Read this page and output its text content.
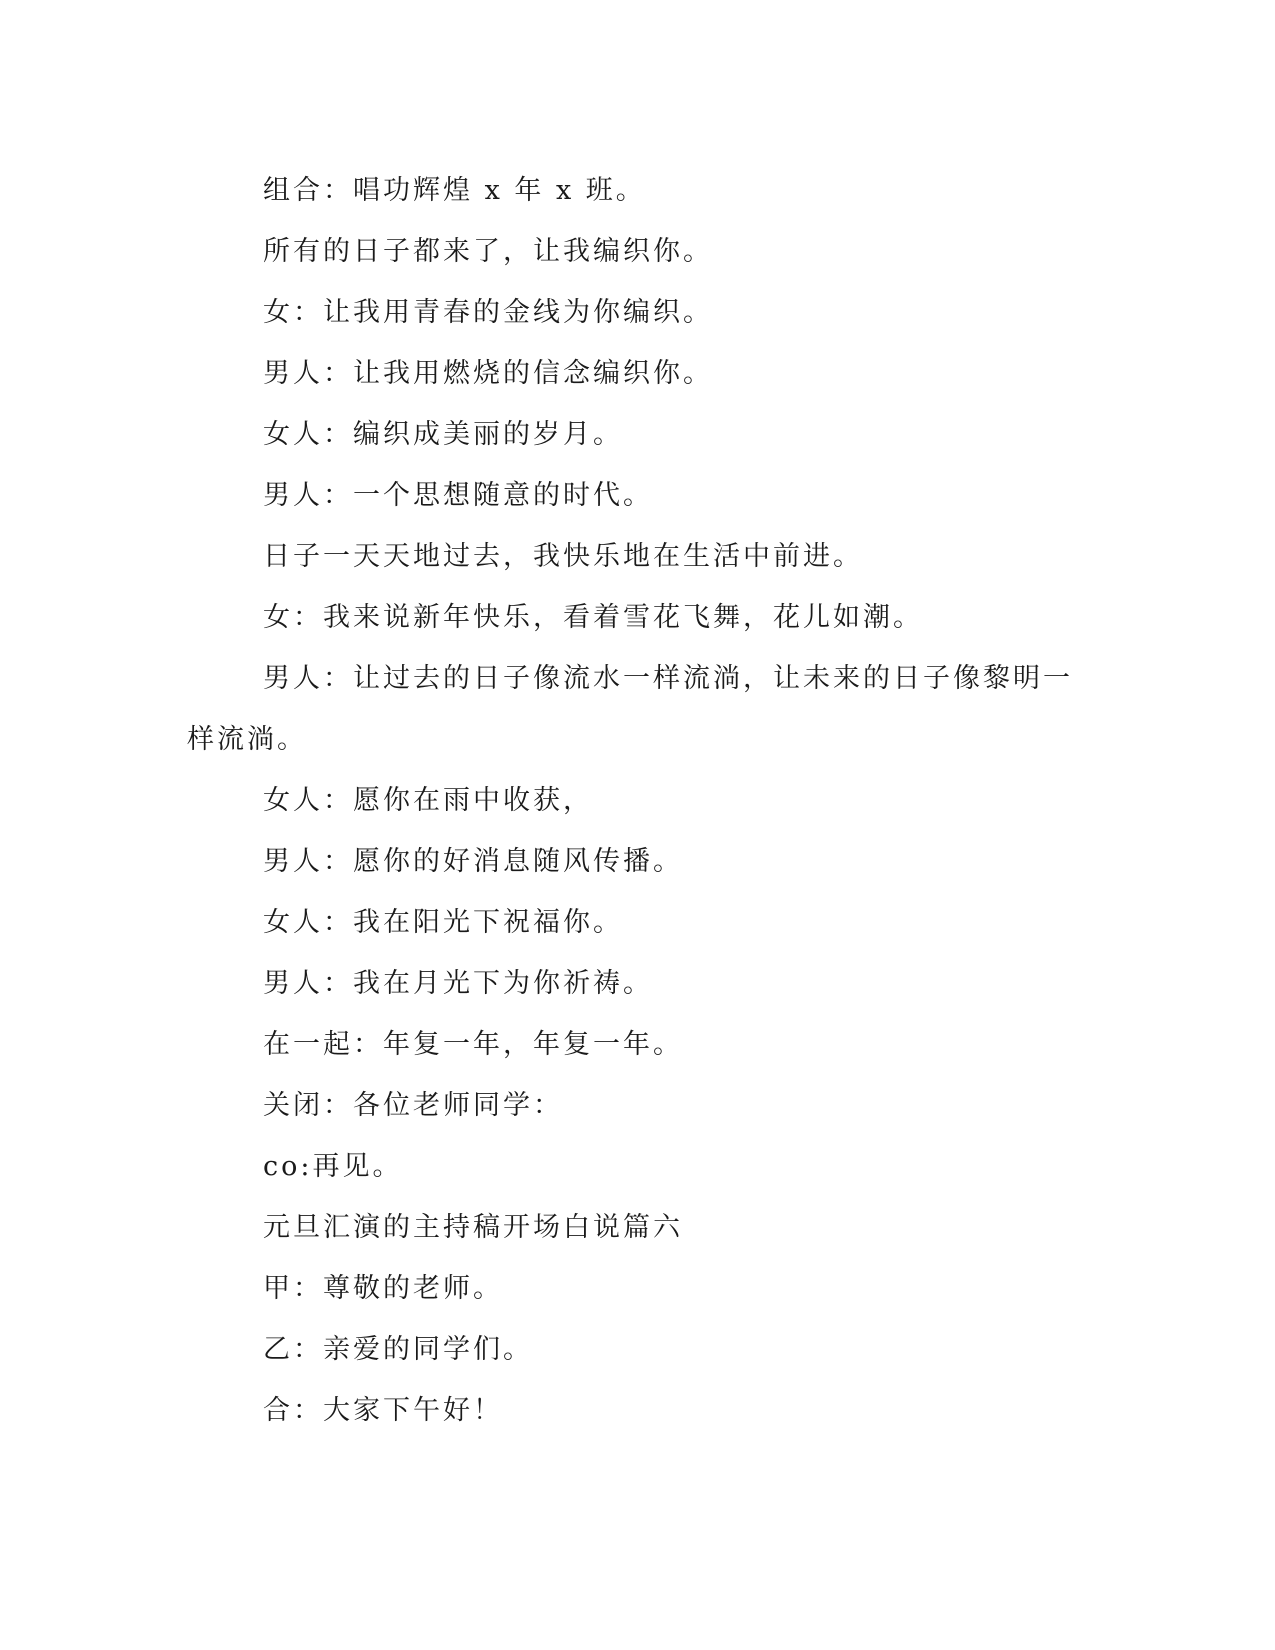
组合：唱功辉煌 x 年 x 班。

所有的日子都来了，让我编织你。

女：让我用青春的金线为你编织。

男人：让我用燃烧的信念编织你。

女人：编织成美丽的岁月。

男人：一个思想随意的时代。

日子一天天地过去，我快乐地在生活中前进。

女：我来说新年快乐，看着雪花飞舞，花儿如潮。

男人：让过去的日子像流水一样流淌，让未来的日子像黎明一样流淌。

女人：愿你在雨中收获，

男人：愿你的好消息随风传播。

女人：我在阳光下祝福你。

男人：我在月光下为你祈祷。

在一起：年复一年，年复一年。

关闭：各位老师同学：

co:再见。

元旦汇演的主持稿开场白说篇六

甲：尊敬的老师。

乙：亲爱的同学们。

合：大家下午好！
